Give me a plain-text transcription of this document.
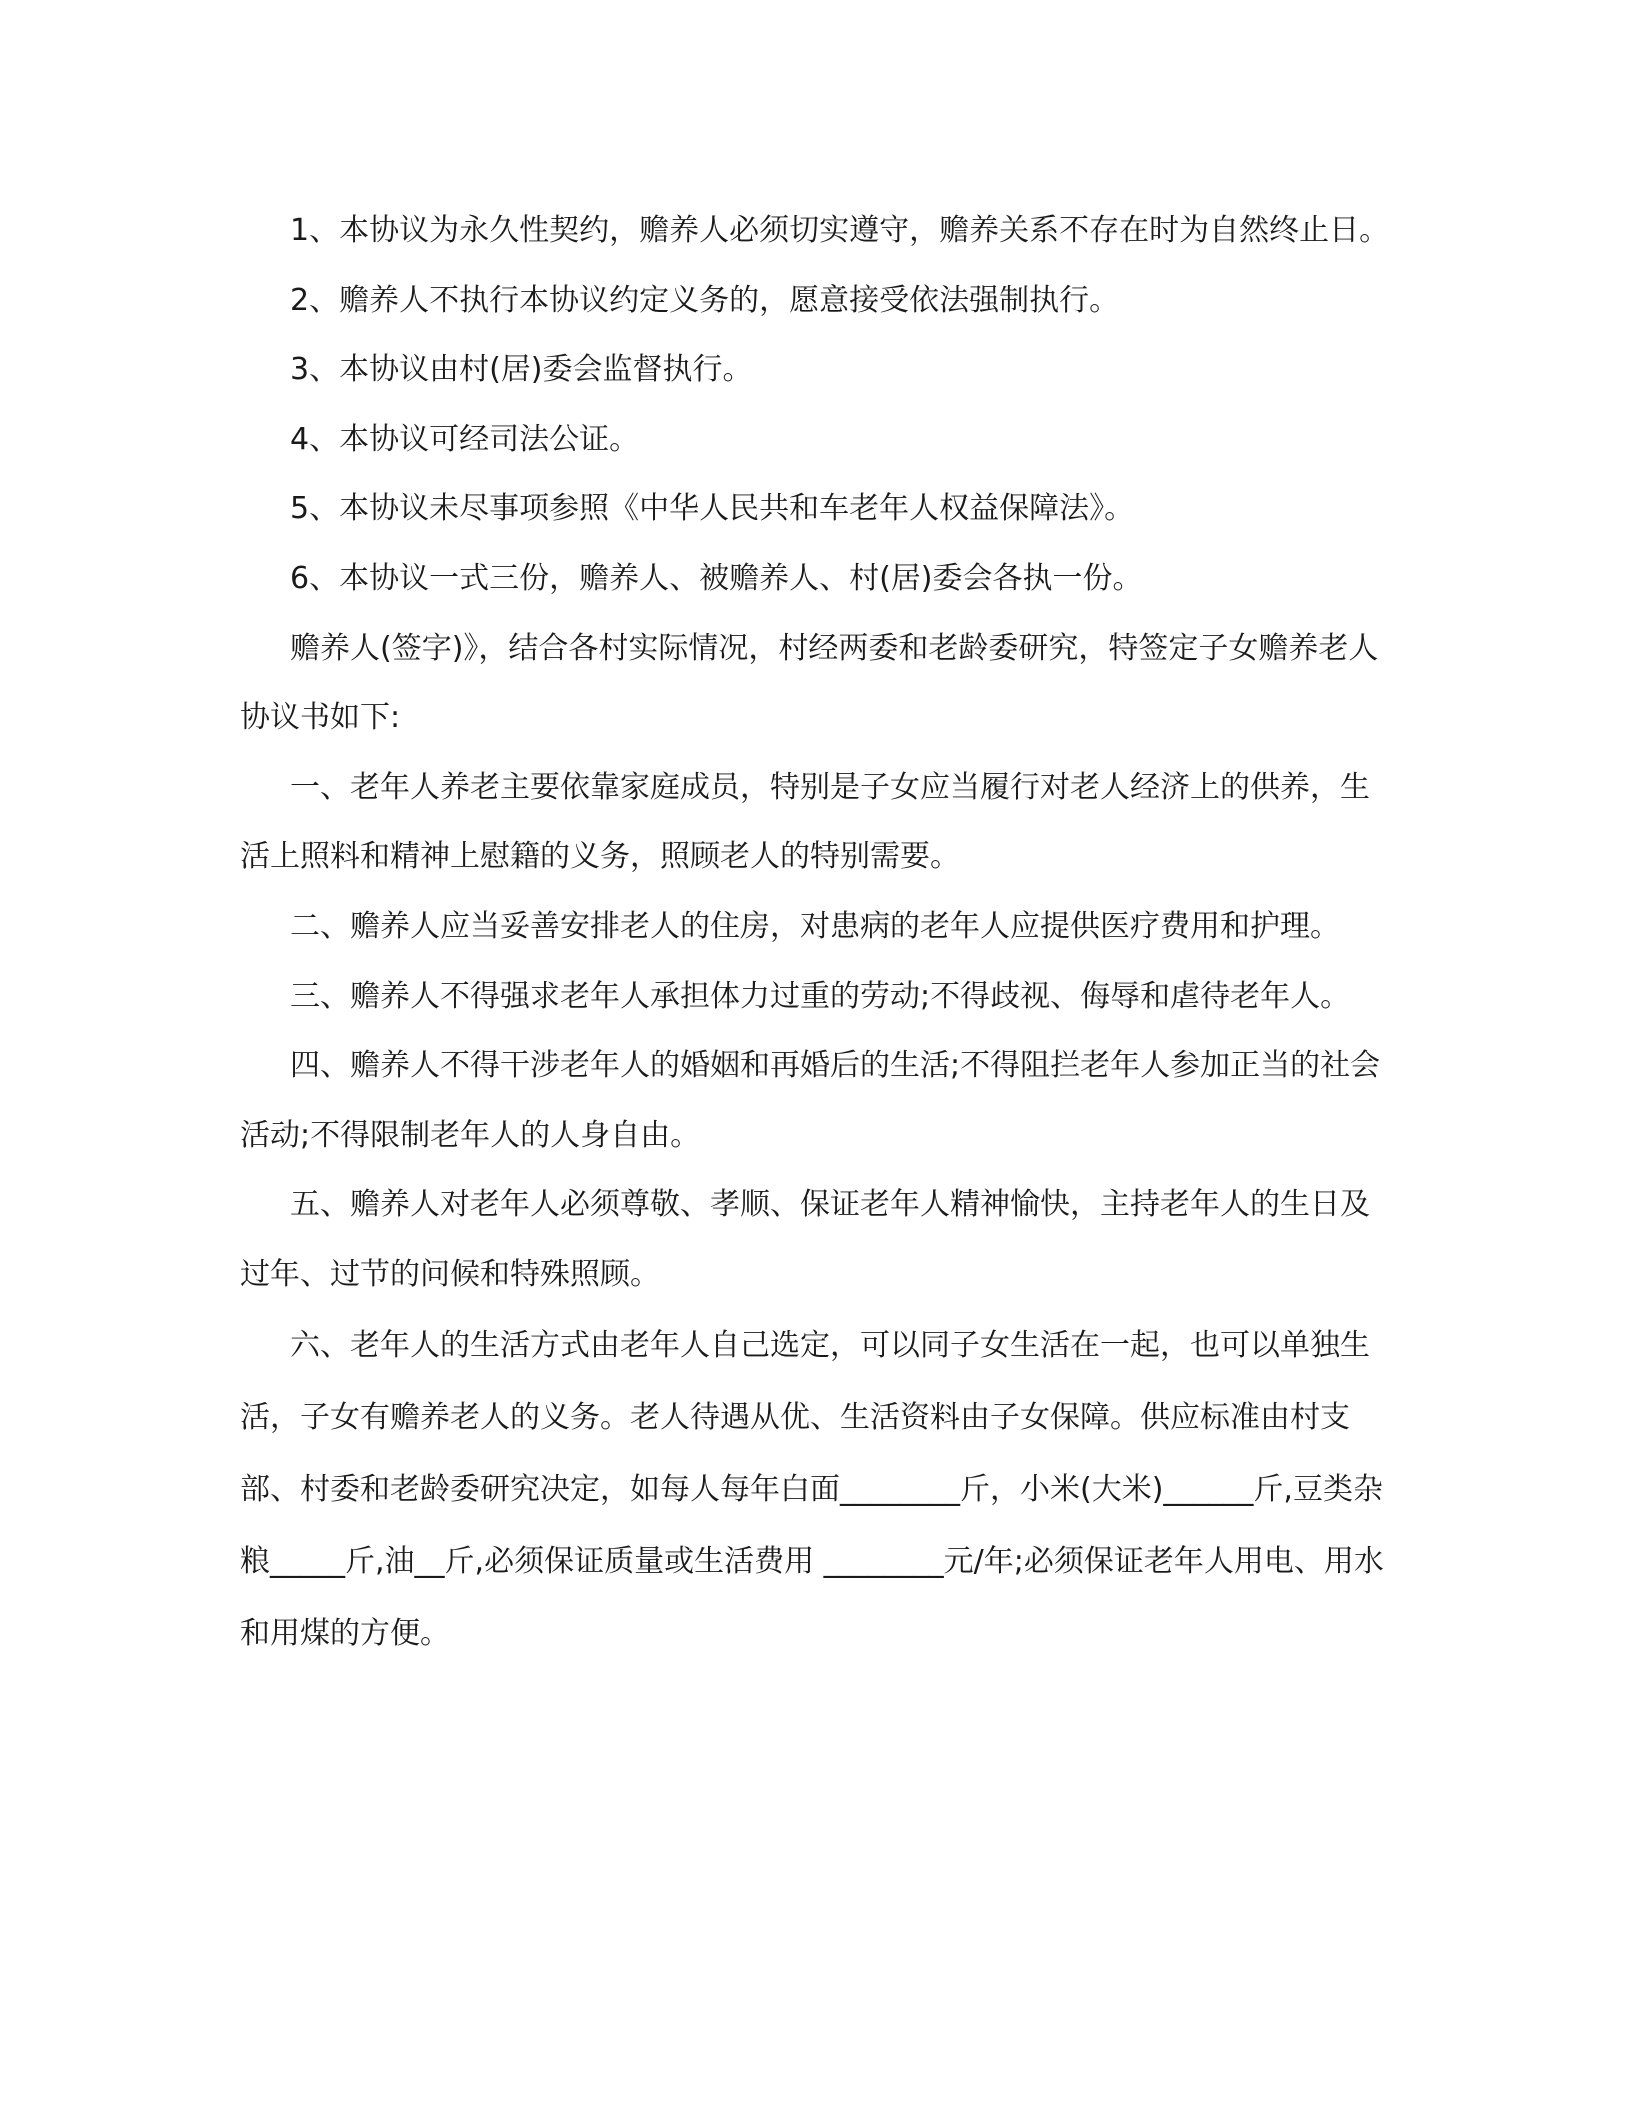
1、本协议为永久性契约，赡养人必须切实遵守，赡养关系不存在时为自然终止日。

2、赡养人不执行本协议约定义务的，愿意接受依法强制执行。

3、本协议由村(居)委会监督执行。

4、本协议可经司法公证。

5、本协议未尽事项参照《中华人民共和车老年人权益保障法》。

6、本协议一式三份，赡养人、被赡养人、村(居)委会各执一份。

赡养人(签字)》，结合各村实际情况，村经两委和老龄委研究，特签定子女赡养老人协议书如下:

一、老年人养老主要依靠家庭成员，特别是子女应当履行对老人经济上的供养，生活上照料和精神上慰籍的义务，照顾老人的特别需要。

二、赡养人应当妥善安排老人的住房，对患病的老年人应提供医疗费用和护理。

三、赡养人不得强求老年人承担体力过重的劳动;不得歧视、侮辱和虐待老年人。

四、赡养人不得干涉老年人的婚姻和再婚后的生活;不得阻拦老年人参加正当的社会活动;不得限制老年人的人身自由。

五、赡养人对老年人必须尊敬、孝顺、保证老年人精神愉快，主持老年人的生日及过年、过节的问候和特殊照顾。

六、老年人的生活方式由老年人自己选定，可以同子女生活在一起，也可以单独生活，子女有赡养老人的义务。老人待遇从优、生活资料由子女保障。供应标准由村支部、村委和老龄委研究决定，如每人每年白面________斤，小米(大米)______斤,豆类杂粮_____斤,油__斤,必须保证质量或生活费用 ________元/年;必须保证老年人用电、用水和用煤的方便。
